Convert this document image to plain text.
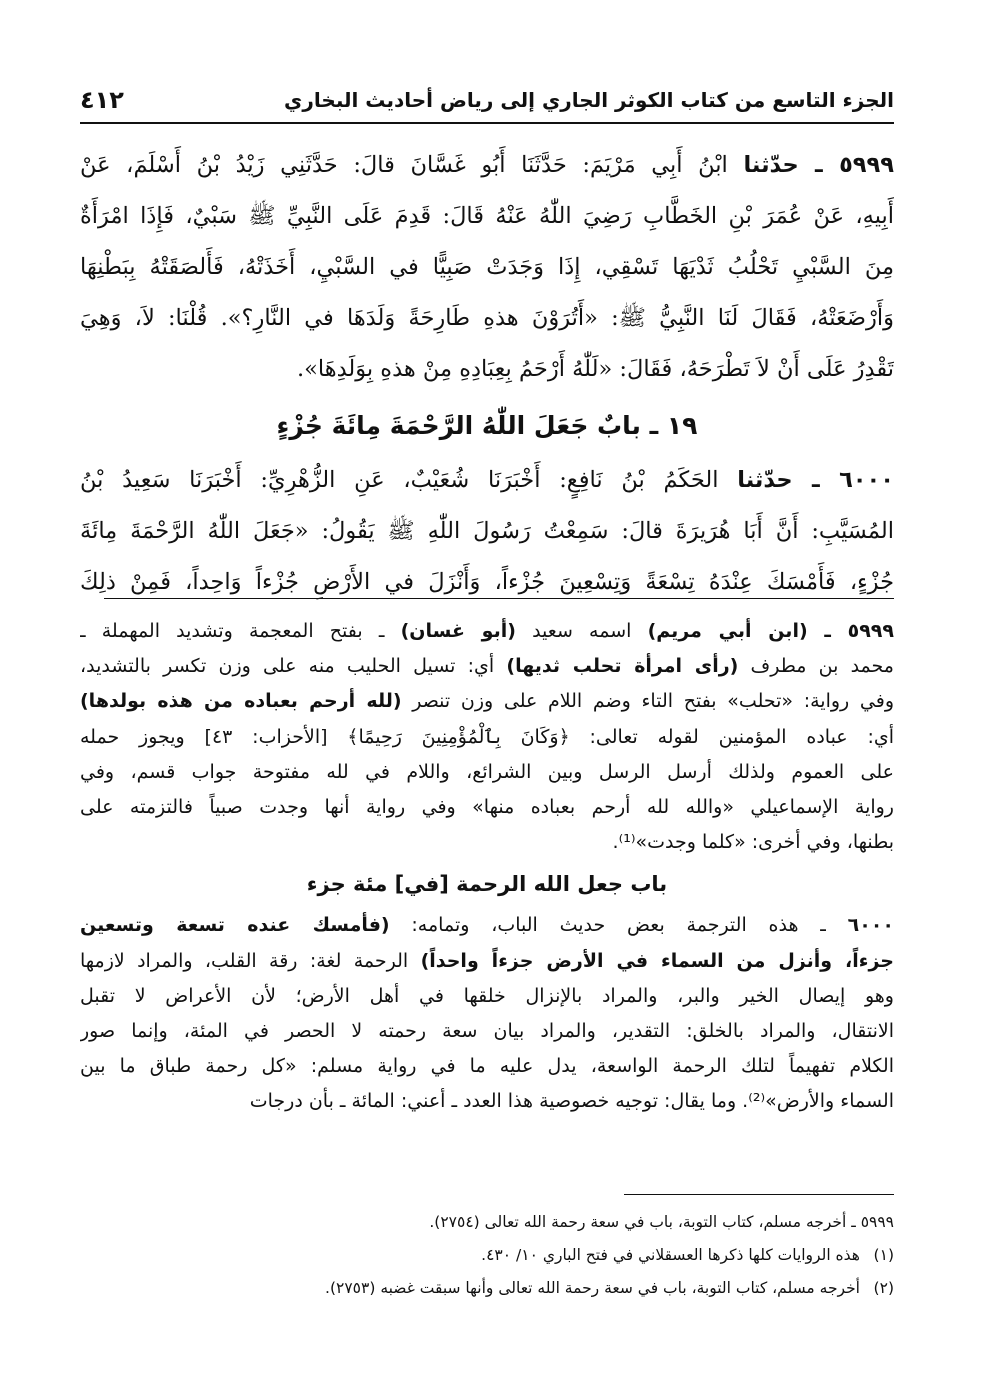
الجزء التاسع من كتاب الكوثر الجاري إلى رياض أحاديث البخاري
٤١٢
٥٩٩٩ ـ حدّثنا ابْنُ أَبِي مَرْيَمَ: حَدَّثَنَا أَبُو غَسَّانَ قالَ: حَدَّثَنِي زَيْدُ بْنُ أَسْلَمَ، عَنْ
أَبِيهِ، عَنْ عُمَرَ بْنِ الخَطَّابِ رَضِيَ اللّٰهُ عَنْهُ قَالَ: قَدِمَ عَلَى النَّبِيِّ ﷺ سَبْيٌ، فَإِذَا امْرَأَةٌ
مِنَ السَّبْيِ تَحْلُبُ ثَدْيَهَا تَسْقِي، إِذَا وَجَدَتْ صَبِيًّا في السَّبْيِ، أَخَذَتْهُ، فَأَلصَقَتْهُ بِبَطْنِهَا
وَأَرْضَعَتْهُ، فَقَالَ لَنَا النَّبِيُّ ﷺ: «أَتُرَوْنَ هذهِ طَارِحَةً وَلَدَهَا في النَّارِ؟». قُلْنَا: لاَ، وَهِيَ
تَقْدِرُ عَلَى أَنْ لاَ تَطْرَحَهُ، فَقَالَ: «لَلّٰهُ أَرْحَمُ بِعِبَادِهِ مِنْ هذهِ بِوَلَدِهَا».
١٩ ـ بابٌ جَعَلَ اللّٰهُ الرَّحْمَةَ مِائَةَ جُزْءٍ
٦٠٠٠ ـ حدّثنا الحَكَمُ بْنُ نَافِعٍ: أَخْبَرَنَا شُعَيْبٌ، عَنِ الزُّهْرِيِّ: أَخْبَرَنَا سَعِيدُ بْنُ
المُسَيَّبِ: أَنَّ أَبَا هُرَيرَةَ قالَ: سَمِعْتُ رَسُولَ اللّٰهِ ﷺ يَقُولُ: «جَعَلَ اللّٰهُ الرَّحْمَةَ مِائَةَ
جُزْءٍ، فَأَمْسَكَ عِنْدَهُ تِسْعَةً وَتِسْعِينَ جُزْءاً، وَأَنْزَلَ في الأَرْضِ جُزْءاً وَاحِداً، فَمِنْ ذلِكَ
٥٩٩٩ ـ (ابن أبي مريم) اسمه سعيد (أبو غسان) ـ بفتح المعجمة وتشديد المهملة ـ
محمد بن مطرف (رأى امرأة تحلب ثديها) أي: تسيل الحليب منه على وزن تكسر بالتشديد،
وفي رواية: «تحلب» بفتح التاء وضم اللام على وزن تنصر (لله أرحم بعباده من هذه بولدها)
أي: عباده المؤمنين لقوله تعالى: ﴿وَكَانَ بِٱلْمُؤْمِنِينَ رَحِيمًا﴾ [الأحزاب: ٤٣] ويجوز حمله
على العموم ولذلك أرسل الرسل وبين الشرائع، واللام في لله مفتوحة جواب قسم، وفي
رواية الإسماعيلي «والله لله أرحم بعباده منها» وفي رواية أنها وجدت صبياً فالتزمته على
بطنها، وفي أخرى: «كلما وجدت»⁽¹⁾.
باب جعل الله الرحمة [في] مئة جزء
٦٠٠٠ ـ هذه الترجمة بعض حديث الباب، وتمامه: (فأمسك عنده تسعة وتسعين
جزءاً، وأنزل من السماء في الأرض جزءاً واحداً) الرحمة لغة: رقة القلب، والمراد لازمها
وهو إيصال الخير والبر، والمراد بالإنزال خلقها في أهل الأرض؛ لأن الأعراض لا تقبل
الانتقال، والمراد بالخلق: التقدير، والمراد بيان سعة رحمته لا الحصر في المئة، وإنما صور
الكلام تفهيماً لتلك الرحمة الواسعة، يدل عليه ما في رواية مسلم: «كل رحمة طباق ما بين
السماء والأرض»⁽²⁾. وما يقال: توجيه خصوصية هذا العدد ـ أعني: المائة ـ بأن درجات
٥٩٩٩ ـ أخرجه مسلم، كتاب التوبة، باب في سعة رحمة الله تعالى (٢٧٥٤).
(١)
هذه الروايات كلها ذكرها العسقلاني في فتح الباري ١٠/ ٤٣٠.
(٢)
أخرجه مسلم، كتاب التوبة، باب في سعة رحمة الله تعالى وأنها سبقت غضبه (٢٧٥٣).
